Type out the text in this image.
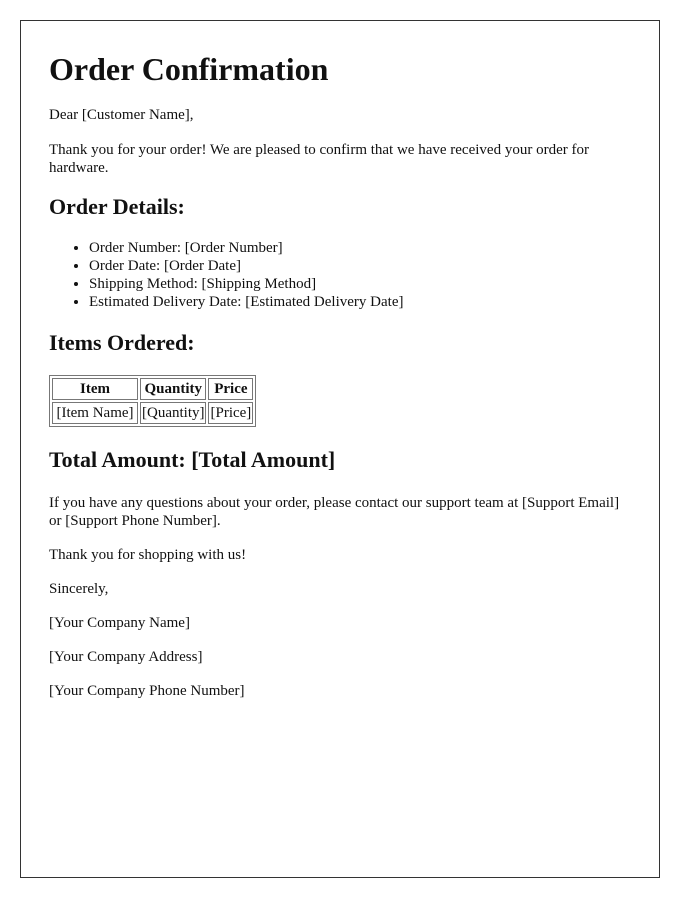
Order Confirmation

Dear [Customer Name],

Thank you for your order! We are pleased to confirm that we have received your order for hardware.

Order Details:
• Order Number: [Order Number]
• Order Date: [Order Date]
• Shipping Method: [Shipping Method]
• Estimated Delivery Date: [Estimated Delivery Date]
Items Ordered:
Item	Quantity	Price
[Item Name]	[Quantity]	[Price]
Total Amount: [Total Amount]

If you have any questions about your order, please contact our support team at [Support Email] or [Support Phone Number].

Thank you for shopping with us!

Sincerely,

[Your Company Name]

[Your Company Address]

[Your Company Phone Number]
